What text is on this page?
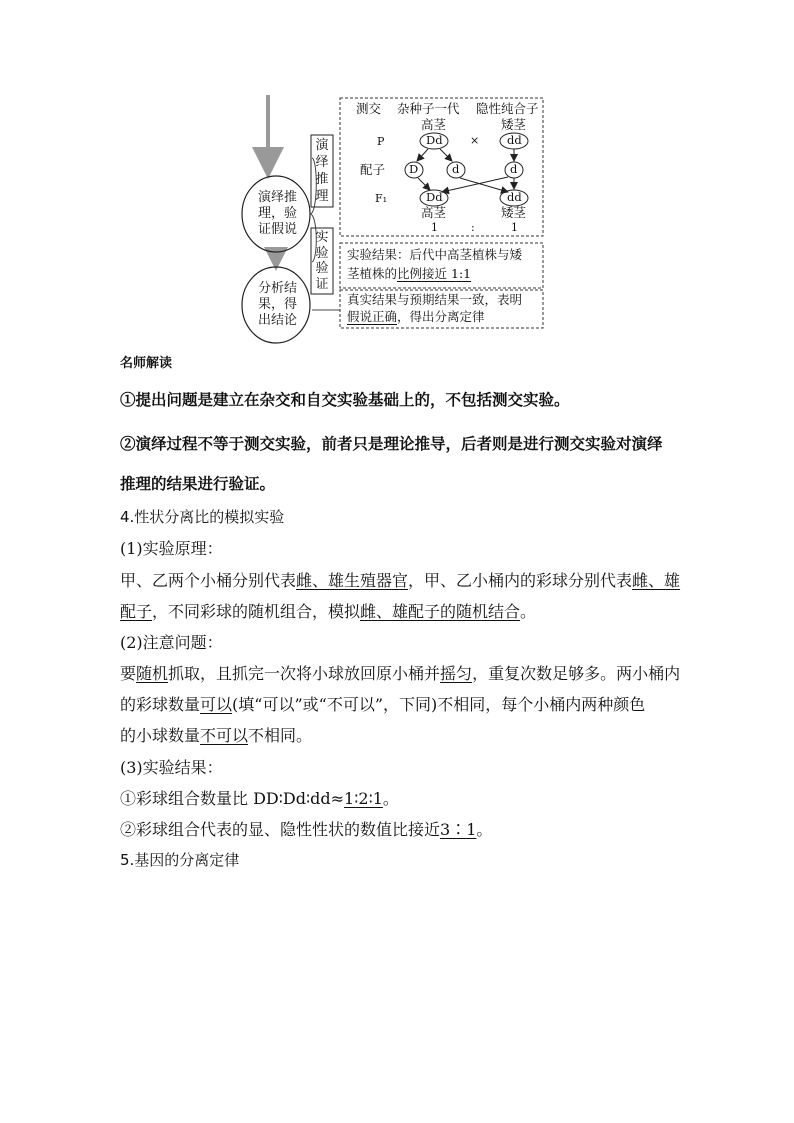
演绎推
理，验
证假说
分析结
果，得
出结论
演
绎
推
理
实
验
验
证
测交 杂种子一代 隐性纯合子
高茎	矮茎
P	Dd × dd
配子 D	d	d
F₁	Dd	dd
高茎	矮茎
1	:	1
实验结果：后代中高茎植株与矮
茎植株的比例接近 1:1
真实结果与预期结果一致，表明
假说正确，得出分离定律
名师解读
①提出问题是建立在杂交和自交实验基础上的，不包括测交实验。
②演绎过程不等于测交实验，前者只是理论推导，后者则是进行测交实验对演绎
推理的结果进行验证。
4.性状分离比的模拟实验
(1)实验原理：
甲、乙两个小桶分别代表雌、雄生殖器官，甲、乙小桶内的彩球分别代表雌、雄
配子，不同彩球的随机组合，模拟雌、雄配子的随机结合。
(2)注意问题：
要随机抓取，且抓完一次将小球放回原小桶并摇匀，重复次数足够多。两小桶内
的彩球数量可以(填“可以”或“不可以”，下同)不相同，每个小桶内两种颜色
的小球数量不可以不相同。
(3)实验结果：
①彩球组合数量比 DD∶Dd∶dd≈1∶2∶1。
②彩球组合代表的显、隐性性状的数值比接近3∶1。
5.基因的分离定律
